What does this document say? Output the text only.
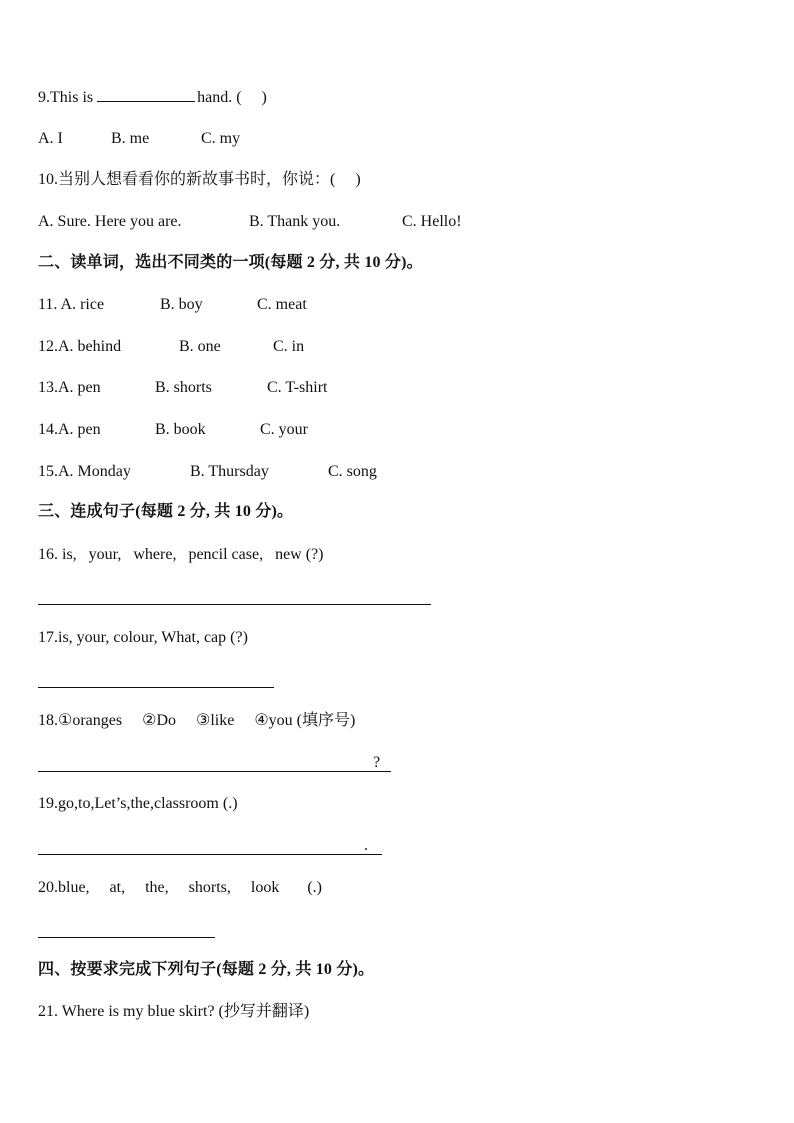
9.This is	hand. (     )
A. I	B. me	C. my
10.当别人想看看你的新故事书时，你说：(     )
A. Sure. Here you are.	B. Thank you.	C. Hello!
二、读单词，选出不同类的一项(每题 2 分, 共 10 分)。
11. A. rice	B. boy	C. meat
12.A. behind	B. one	C. in
13.A. pen	B. shorts	C. T-shirt
14.A. pen	B. book	C. your
15.A. Monday	B. Thursday	C. song
三、连成句子(每题 2 分, 共 10 分)。
16. is,   your,   where,   pencil case,   new (?)
17.is, your, colour, What, cap (?)
18.①oranges     ②Do     ③like     ④you (填序号)
?
19.go,to,Let’s,the,classroom (.)
.
20.blue,     at,     the,     shorts,     look       (.)
四、按要求完成下列句子(每题 2 分, 共 10 分)。
21. Where is my blue skirt? (抄写并翻译)
